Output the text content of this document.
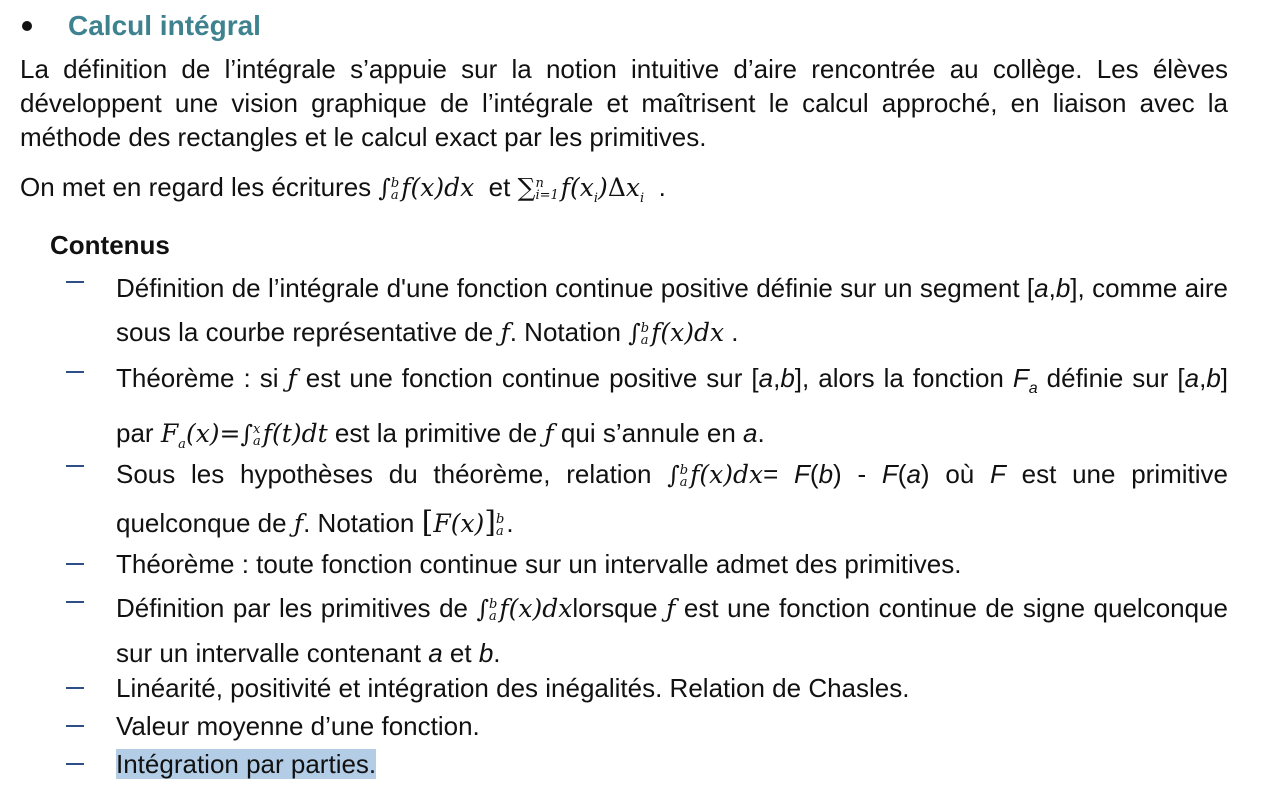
Calcul intégral
La définition de l’intégrale s’appuie sur la notion intuitive d’aire rencontrée au collège. Les élèves développent une vision graphique de l’intégrale et maîtrisent le calcul approché, en liaison avec la méthode des rectangles et le calcul exact par les primitives.
On met en regard les écritures ∫ b
a f(x)dx et ∑ n
i=1 $f(x_i)\Delta x_i$ .
Contenus
Définition de l’intégrale d'une fonction continue positive définie sur un segment [a,b], comme aire sous la courbe représentative de ƒ. Notation ∫ b
a f(x)dx .
Théorème : si ƒ est une fonction continue positive sur [a,b], alors la fonction $F_a$ définie sur [a,b] par $F_a(x)=\int$ x
a f(t)dt est la primitive de ƒ qui s’annule en a.
Sous les hypothèses du théorème, relation ∫ b
a f(x)dx= F(b) - F(a) où F est une primitive quelconque de ƒ. Notation [F(x)] b
a .
Théorème : toute fonction continue sur un intervalle admet des primitives.
Définition par les primitives de ∫ b
a f(x)dxlorsque ƒ est une fonction continue de signe quelconque sur un intervalle contenant a et b.
Linéarité, positivité et intégration des inégalités. Relation de Chasles.
Valeur moyenne d’une fonction.
Intégration par parties.
